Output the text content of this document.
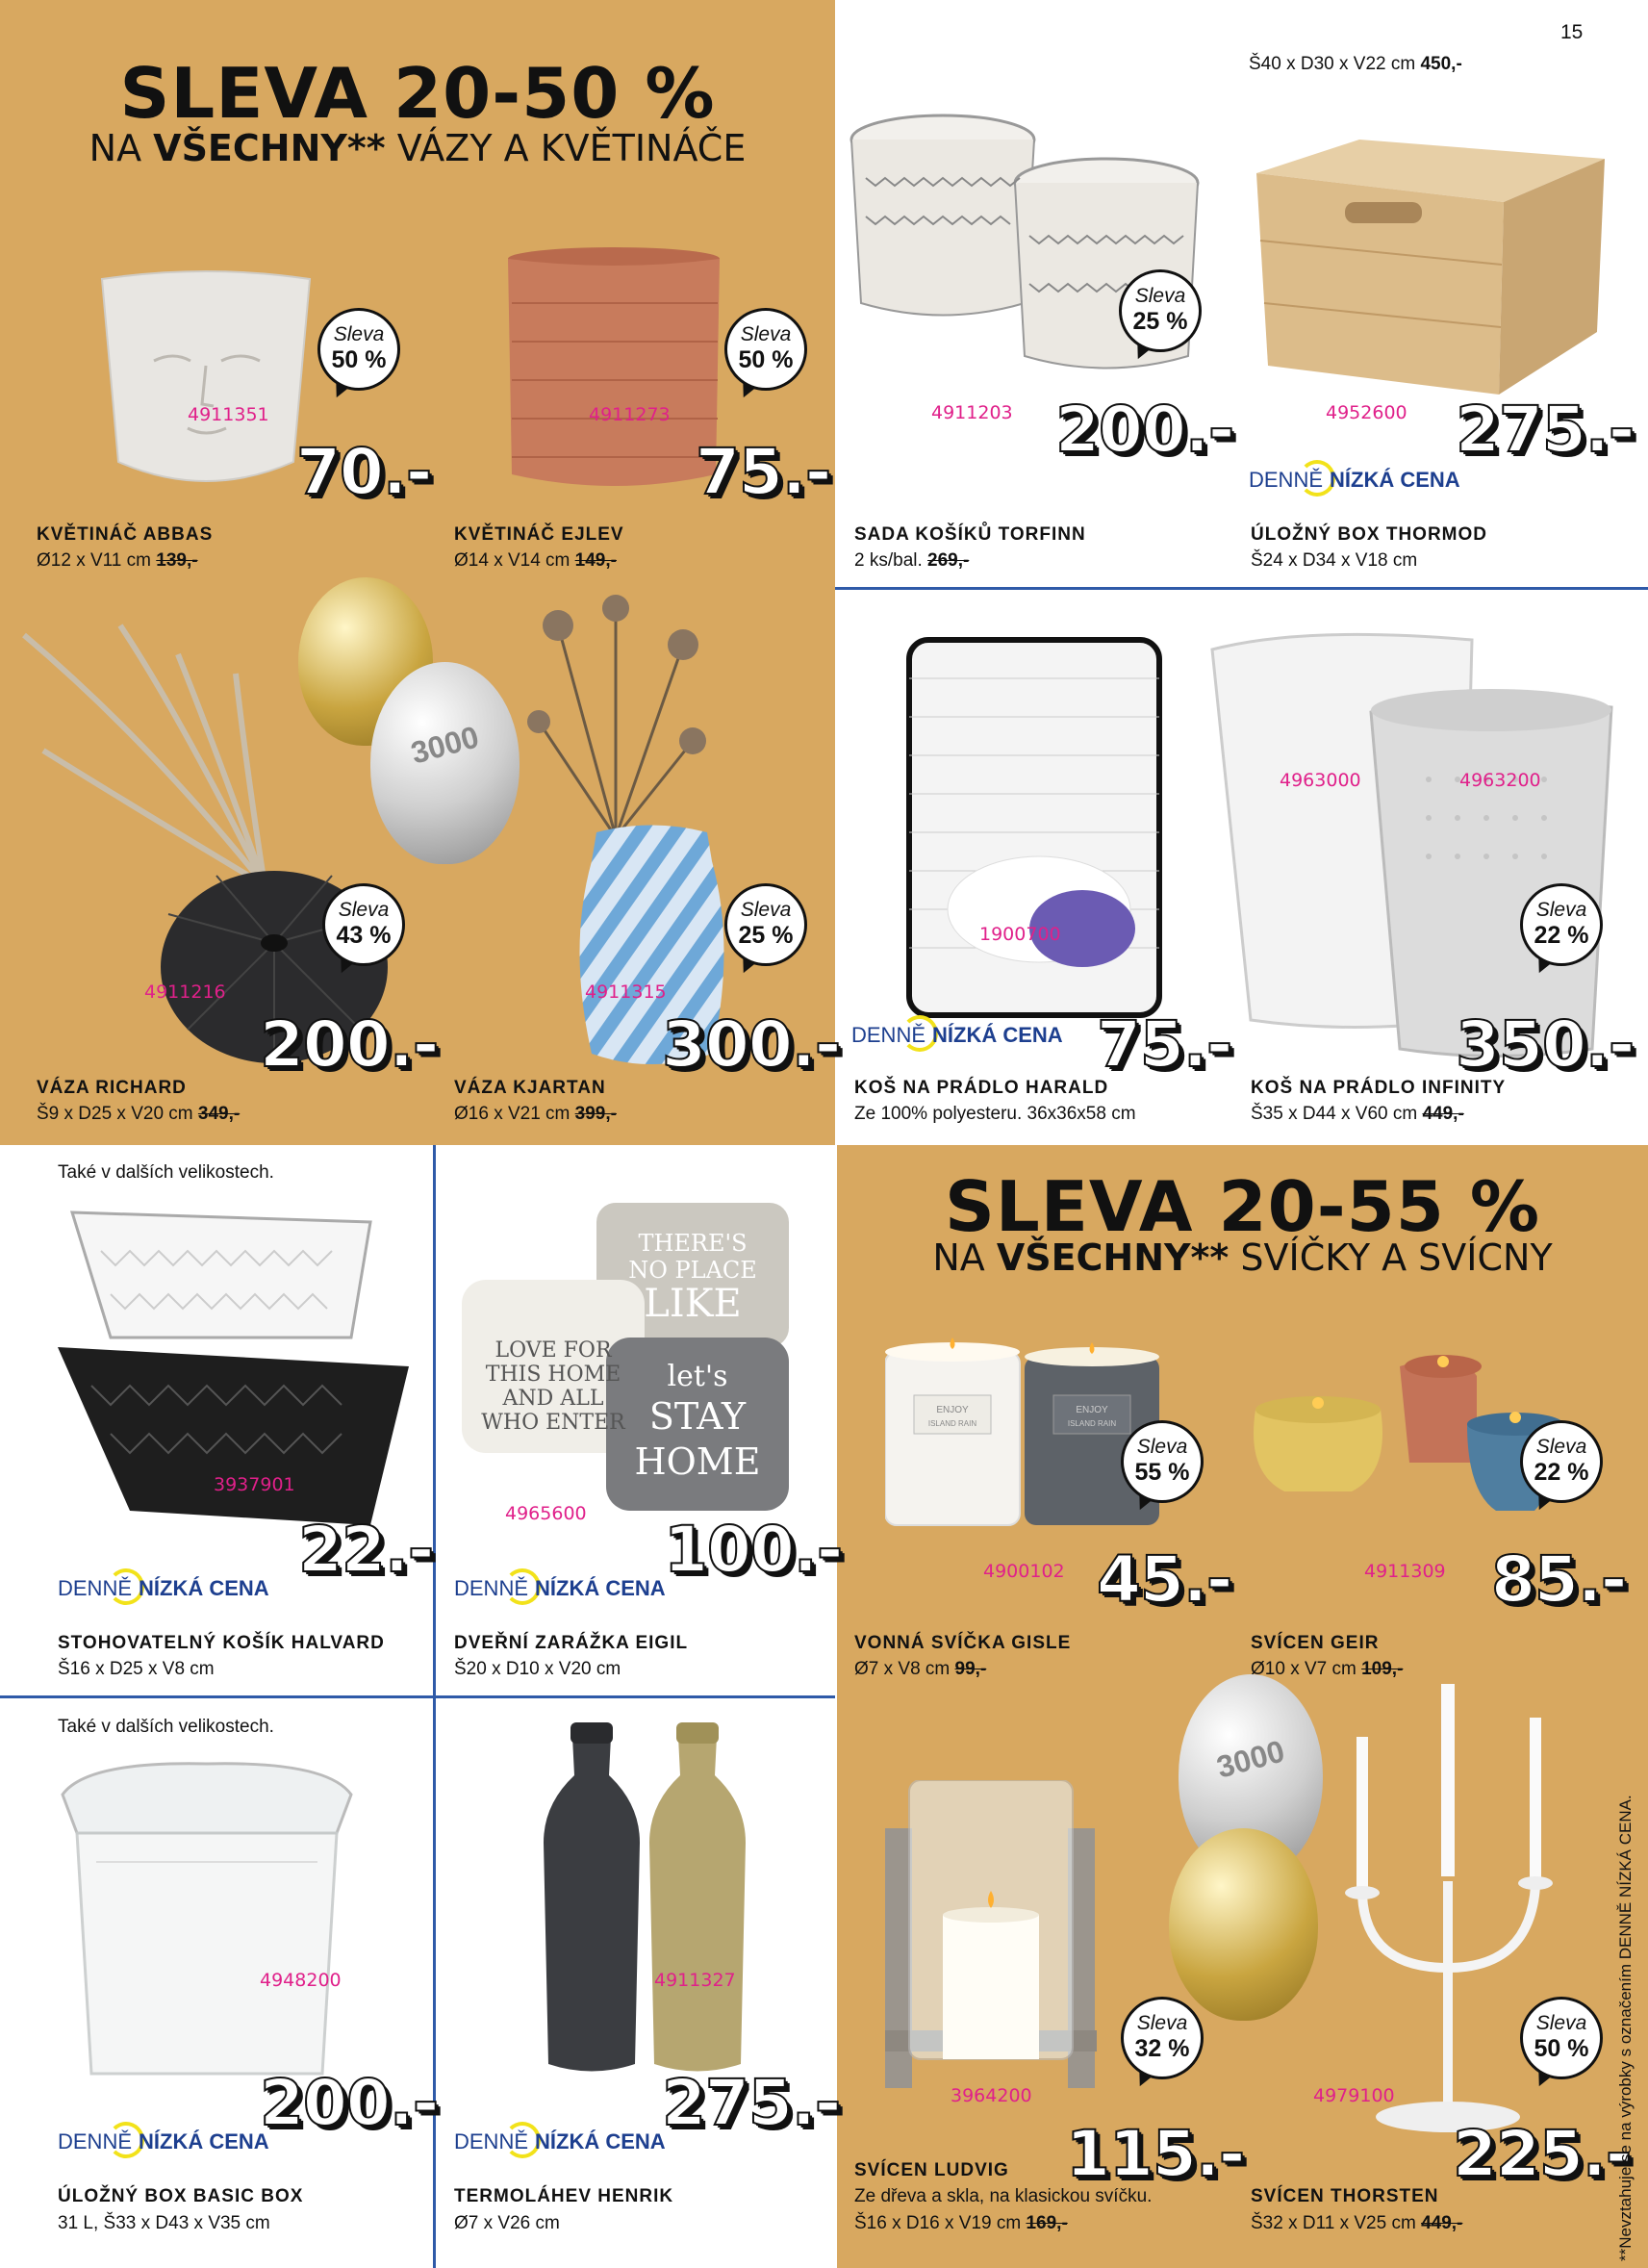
15
SLEVA 20-50 %
NA VŠECHNY** VÁZY A KVĚTINÁČE
Š40 x D30 x V22 cm 450,-
4911351
Sleva
50 %
70.-
KVĚTINÁČ ABBAS
Ø12 x V11 cm 139,-
4911273
Sleva
50 %
75.-
KVĚTINÁČ EJLEV
Ø14 x V14 cm 149,-
4911203
Sleva
25 %
200.-
SADA KOŠÍKŮ TORFINN
2 ks/bal. 269,-
4952600 275.-
DENNĚ NÍZKÁ CENA
ÚLOŽNÝ BOX THORMOD
Š24 x D34 x V18 cm
3000
4911216
Sleva
43 %
200.-
VÁZA RICHARD
Š9 x D25 x V20 cm 349,-
4911315
Sleva
25 %
300.-
VÁZA KJARTAN
Ø16 x V21 cm 399,-
1900700
DENNĚ NÍZKÁ CENA 75.-
KOŠ NA PRÁDLO HARALD
Ze 100% polyesteru. 36x36x58 cm
4963000	4963200
Sleva
22 %
350.-
KOŠ NA PRÁDLO INFINITY
Š35 x D44 x V60 cm 449,-
Také v dalších velikostech.
3937901
22.-
DENNĚ NÍZKÁ CENA
STOHOVATELNÝ KOŠÍK HALVARD
Š16 x D25 x V8 cm
THERE'S
NO PLACE
LIKE
LOVE FOR
THIS HOME
AND ALL
WHO ENTER
let's
STAY
HOME
4965600 100.-
DENNĚ NÍZKÁ CENA
DVEŘNÍ ZARÁŽKA EIGIL
Š20 x D10 x V20 cm
SLEVA 20-55 %
NA VŠECHNY** SVÍČKY A SVÍCNY
ENJOY
ISLAND RAIN
ENJOY
ISLAND RAIN
Sleva
55 %
4900102 45.-
VONNÁ SVÍČKA GISLE
Ø7 x V8 cm 99,-
Sleva
22 %
4911309 85.-
SVÍCEN GEIR
Ø10 x V7 cm 109,-
Také v dalších velikostech.
4948200
200.-
DENNĚ NÍZKÁ CENA
ÚLOŽNÝ BOX BASIC BOX
31 L, Š33 x D43 x V35 cm
4911327
275.-
DENNĚ NÍZKÁ CENA
TERMOLÁHEV HENRIK
Ø7 x V26 cm
3000
Sleva
32 %
3964200
115.-
SVÍCEN LUDVIG
Ze dřeva a skla, na klasickou svíčku.
Š16 x D16 x V19 cm 169,-
Sleva
50 %
4979100
225.-
SVÍCEN THORSTEN
Š32 x D11 x V25 cm 449,-	**Nevztahuje se na výrobky s označením DENNĚ NÍZKÁ CENA.
